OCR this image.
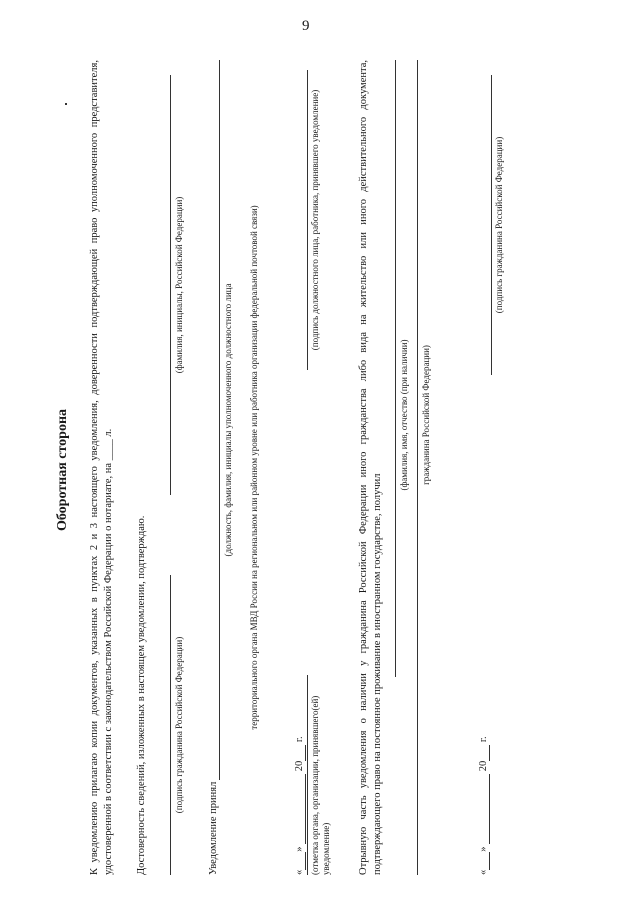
9
Оборотная сторона К уведомлению прилагаю копии документов, указанных в пунктах 2 и 3 настоящего уведомления, доверенности подтверждающей право уполномоченного представителя, удостоверенной в соответствии с законодательством Российской Федерации о нотариате, на ____ л. Достоверность сведений, изложенных в настоящем уведомлении, подтверждаю.	(подпись гражданина Российской Федерации)
(фамилия, инициалы, Российской Федерации)
Уведомление принял
(должность, фамилия, инициалы уполномоченного должностного лица территориального органа МВД России на региональном или районном уровне или работника организации федеральной почтовой связи)
«»  20 г. (отметка органа, организации, принявшего(ей) уведомление)
(подпись должностного лица, работника, принявшего уведомление)	Отрывную часть уведомления о наличии у гражданина Российской Федерации иного гражданства либо вида на жительство или иного действительного документа, подтверждающего право на постоянное проживание в иностранном государстве, получил
(фамилия, имя, отчество (при наличии) гражданина Российской Федерации)
«»  20 г.
(подпись гражданина Российской Федерации)
